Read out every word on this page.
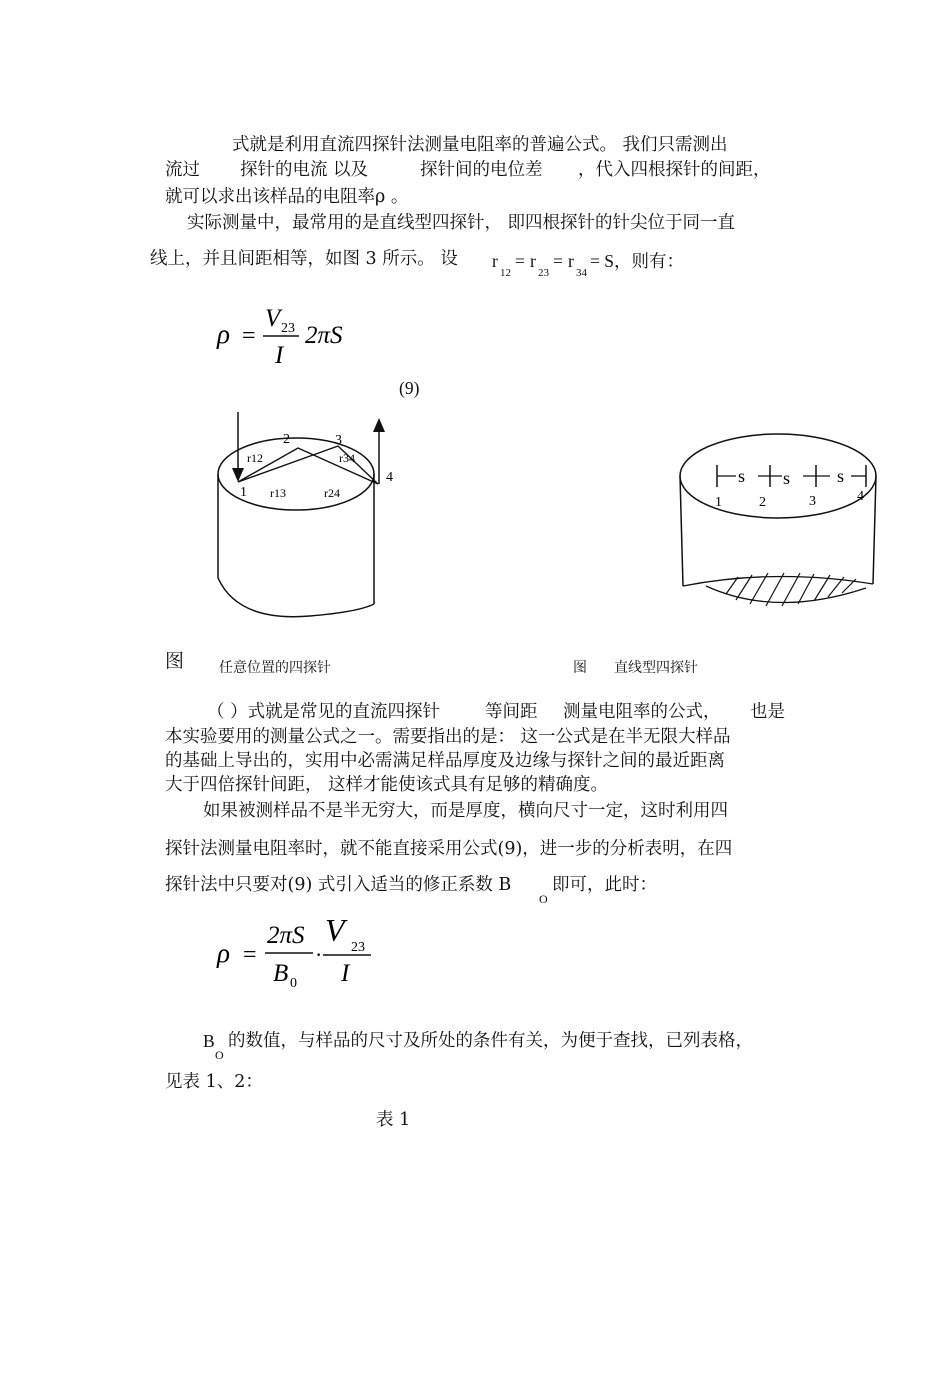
式就是利用直流四探针法测量电阻率的普遍公式。 我们只需测出
流过 探针的电流 以及	探针间的电位差 ，代入四根探针的间距，
就可以求出该样品的电阻率ρ 。
实际测量中，最常用的是直线型四探针， 即四根探针的针尖位于同一直
线上，并且间距相等，如图 3 所示。 设 r
12
= r
23
= r
34
= S，则有：
ρ =
V 23
I
2πS
(9)
1
2	3
4
r12	r34
r13	r24
s s	s
1	2	3	4
图 任意位置的四探针	图 直线型四探针
（ ）式就是常见的直流四探针	等间距 测量电阻率的公式， 也是
本实验要用的测量公式之一。需要指出的是： 这一公式是在半无限大样品
的基础上导出的，实用中必需满足样品厚度及边缘与探针之间的最近距离
大于四倍探针间距， 这样才能使该式具有足够的精确度。
如果被测样品不是半无穷大，而是厚度，横向尺寸一定，这时利用四
探针法测量电阻率时，就不能直接采用公式(9)，进一步的分析表明，在四
探针法中只要对(9) 式引入适当的修正系数 B
O
即可，此时：
ρ =
2πS
B 0
·
V 23
I
B
O
的数值，与样品的尺寸及所处的条件有关，为便于查找，已列表格，
见表 1、2：
表 1
